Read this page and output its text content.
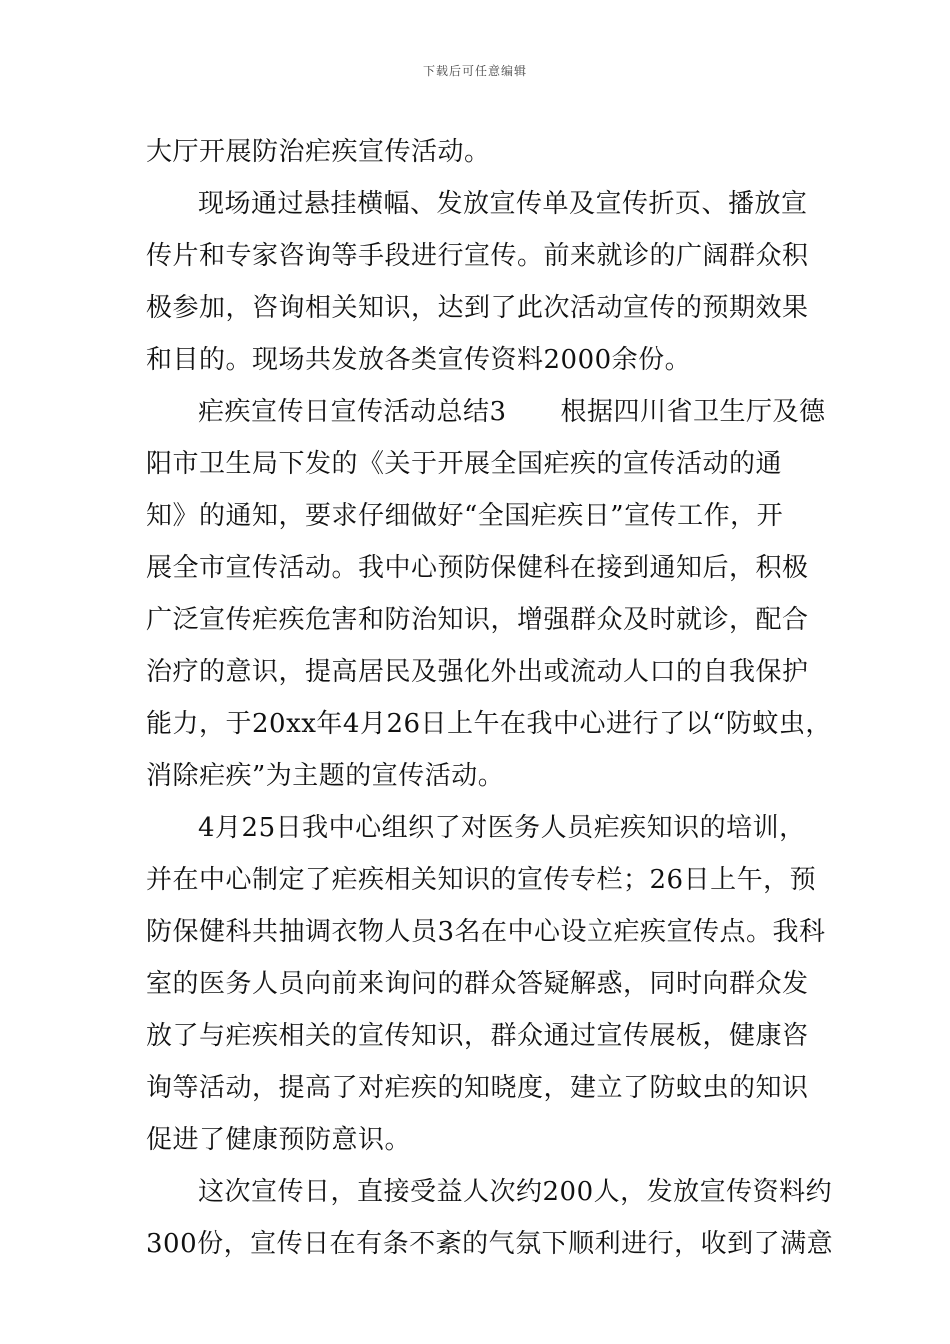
下载后可任意编辑
大厅开展防治疟疾宣传活动。
现场通过悬挂横幅、发放宣传单及宣传折页、播放宣
传片和专家咨询等手段进行宣传。前来就诊的广阔群众积
极参加，咨询相关知识，达到了此次活动宣传的预期效果
和目的。现场共发放各类宣传资料2000余份。
疟疾宣传日宣传活动总结3 根据四川省卫生厅及德
阳市卫生局下发的《关于开展全国疟疾的宣传活动的通
知》的通知，要求仔细做好“全国疟疾日”宣传工作，开
展全市宣传活动。我中心预防保健科在接到通知后，积极
广泛宣传疟疾危害和防治知识，增强群众及时就诊，配合
治疗的意识，提高居民及强化外出或流动人口的自我保护
能力，于20xx年4月26日上午在我中心进行了以“防蚊虫，
消除疟疾”为主题的宣传活动。
4月25日我中心组织了对医务人员疟疾知识的培训，
并在中心制定了疟疾相关知识的宣传专栏；26日上午，预
防保健科共抽调衣物人员3名在中心设立疟疾宣传点。我科
室的医务人员向前来询问的群众答疑解惑，同时向群众发
放了与疟疾相关的宣传知识，群众通过宣传展板，健康咨
询等活动，提高了对疟疾的知晓度，建立了防蚊虫的知识
促进了健康预防意识。
这次宣传日，直接受益人次约200人，发放宣传资料约
300份，宣传日在有条不紊的气氛下顺利进行，收到了满意
